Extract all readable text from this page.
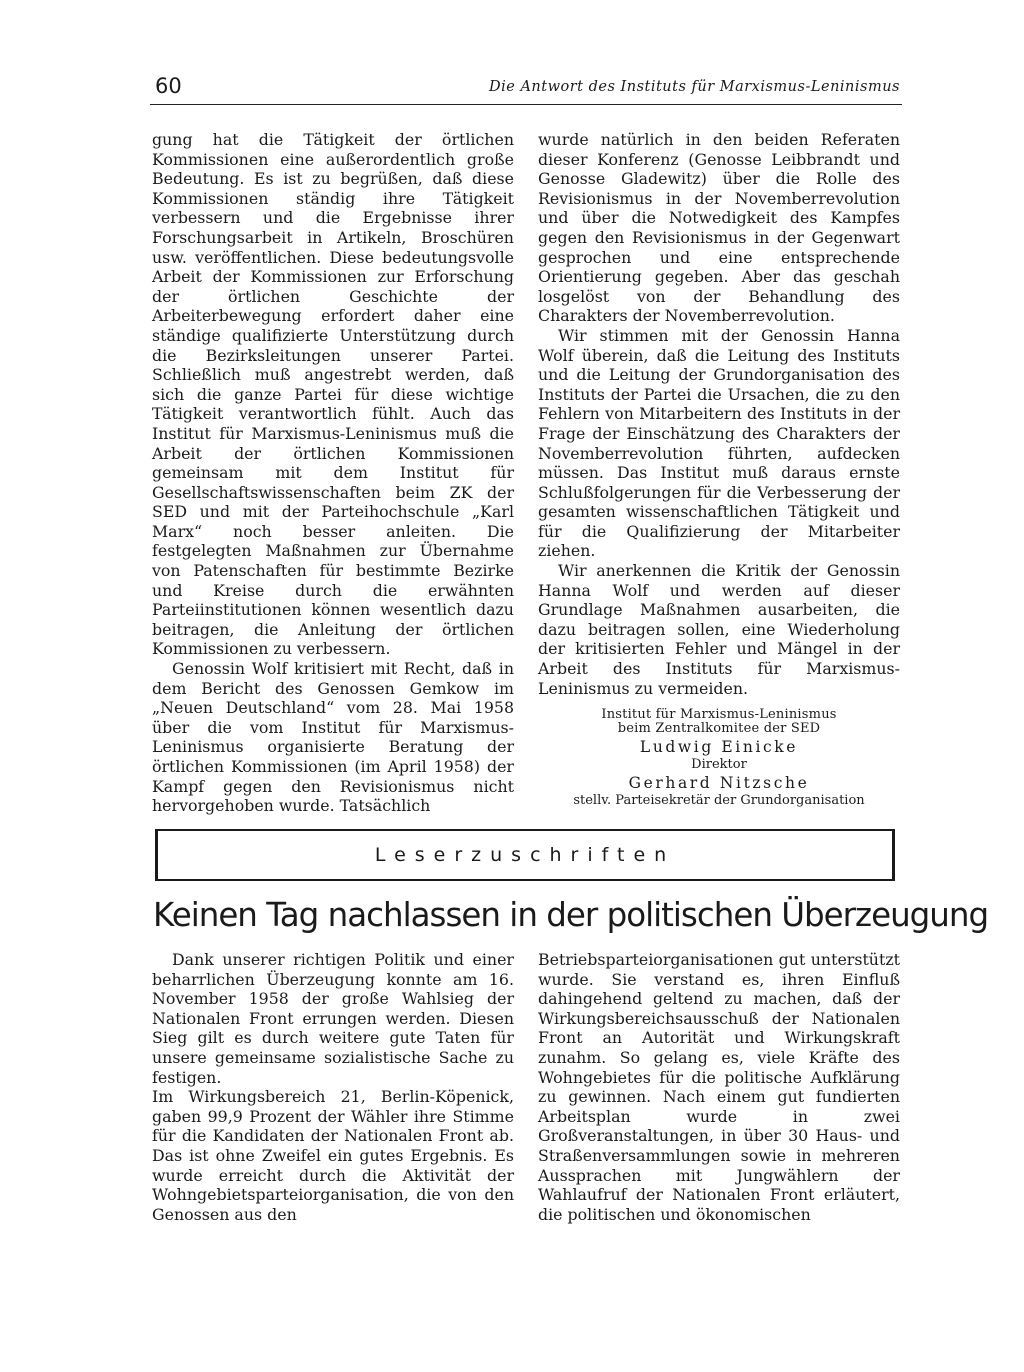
60	Die Antwort des Instituts für Marxismus-Leninismus

gung hat die Tätigkeit der örtlichen Kommissionen eine außerordentlich große Bedeutung. Es ist zu begrüßen, daß diese Kommissionen ständig ihre Tätigkeit verbessern und die Ergebnisse ihrer Forschungsarbeit in Artikeln, Broschüren usw. veröffentlichen. Diese bedeutungsvolle Arbeit der Kommissionen zur Erforschung der örtlichen Geschichte der Arbeiterbewegung erfordert daher eine ständige qualifizierte Unterstützung durch die Bezirksleitungen unserer Partei. Schließlich muß angestrebt werden, daß sich die ganze Partei für diese wichtige Tätigkeit verantwortlich fühlt. Auch das Institut für Marxismus-Leninismus muß die Arbeit der örtlichen Kommissionen gemeinsam mit dem Institut für Gesellschaftswissenschaften beim ZK der SED und mit der Parteihochschule „Karl Marx“ noch besser anleiten. Die festgelegten Maßnahmen zur Übernahme von Patenschaften für bestimmte Bezirke und Kreise durch die erwähnten Parteiinstitutionen können wesentlich dazu beitragen, die Anleitung der örtlichen Kommissionen zu verbessern.

Genossin Wolf kritisiert mit Recht, daß in dem Bericht des Genossen Gemkow im „Neuen Deutschland“ vom 28. Mai 1958 über die vom Institut für Marxismus-Leninismus organisierte Beratung der örtlichen Kommissionen (im April 1958) der Kampf gegen den Revisionismus nicht hervorgehoben wurde. Tatsächlich

wurde natürlich in den beiden Referaten dieser Konferenz (Genosse Leibbrandt und Genosse Gladewitz) über die Rolle des Revisionismus in der Novemberrevolution und über die Notwedigkeit des Kampfes gegen den Revisionismus in der Gegenwart gesprochen und eine entsprechende Orientierung gegeben. Aber das geschah losgelöst von der Behandlung des Charakters der Novemberrevolution.

Wir stimmen mit der Genossin Hanna Wolf überein, daß die Leitung des Instituts und die Leitung der Grundorganisation des Instituts der Partei die Ursachen, die zu den Fehlern von Mitarbeitern des Instituts in der Frage der Einschätzung des Charakters der Novemberrevolution führten, aufdecken müssen. Das Institut muß daraus ernste Schlußfolgerungen für die Verbesserung der gesamten wissenschaftlichen Tätigkeit und für die Qualifizierung der Mitarbeiter ziehen.

Wir anerkennen die Kritik der Genossin Hanna Wolf und werden auf dieser Grundlage Maßnahmen ausarbeiten, die dazu beitragen sollen, eine Wiederholung der kritisierten Fehler und Mängel in der Arbeit des Instituts für Marxismus-Leninismus zu vermeiden.

Institut für Marxismus-Leninismus
beim Zentralkomitee der SED
Ludwig Einicke
Direktor
Gerhard Nitzsche
stellv. Parteisekretär der Grundorganisation
Leserzuschriften
Keinen Tag nachlassen in der politischen Überzeugung

Dank unserer richtigen Politik und einer beharrlichen Überzeugung konnte am 16. November 1958 der große Wahlsieg der Nationalen Front errungen werden. Diesen Sieg gilt es durch weitere gute Taten für unsere gemeinsame sozialistische Sache zu festigen.

Im Wirkungsbereich 21, Berlin-Köpenick, gaben 99,9 Prozent der Wähler ihre Stimme für die Kandidaten der Nationalen Front ab. Das ist ohne Zweifel ein gutes Ergebnis. Es wurde erreicht durch die Aktivität der Wohngebietsparteiorganisation, die von den Genossen aus den

Betriebsparteiorganisationen gut unterstützt wurde. Sie verstand es, ihren Einfluß dahingehend geltend zu machen, daß der Wirkungsbereichsausschuß der Nationalen Front an Autorität und Wirkungskraft zunahm. So gelang es, viele Kräfte des Wohngebietes für die politische Aufklärung zu gewinnen. Nach einem gut fundierten Arbeitsplan wurde in zwei Großveranstaltungen, in über 30 Haus- und Straßenversammlungen sowie in mehreren Aussprachen mit Jungwählern der Wahlaufruf der Nationalen Front erläutert, die politischen und ökonomischen
